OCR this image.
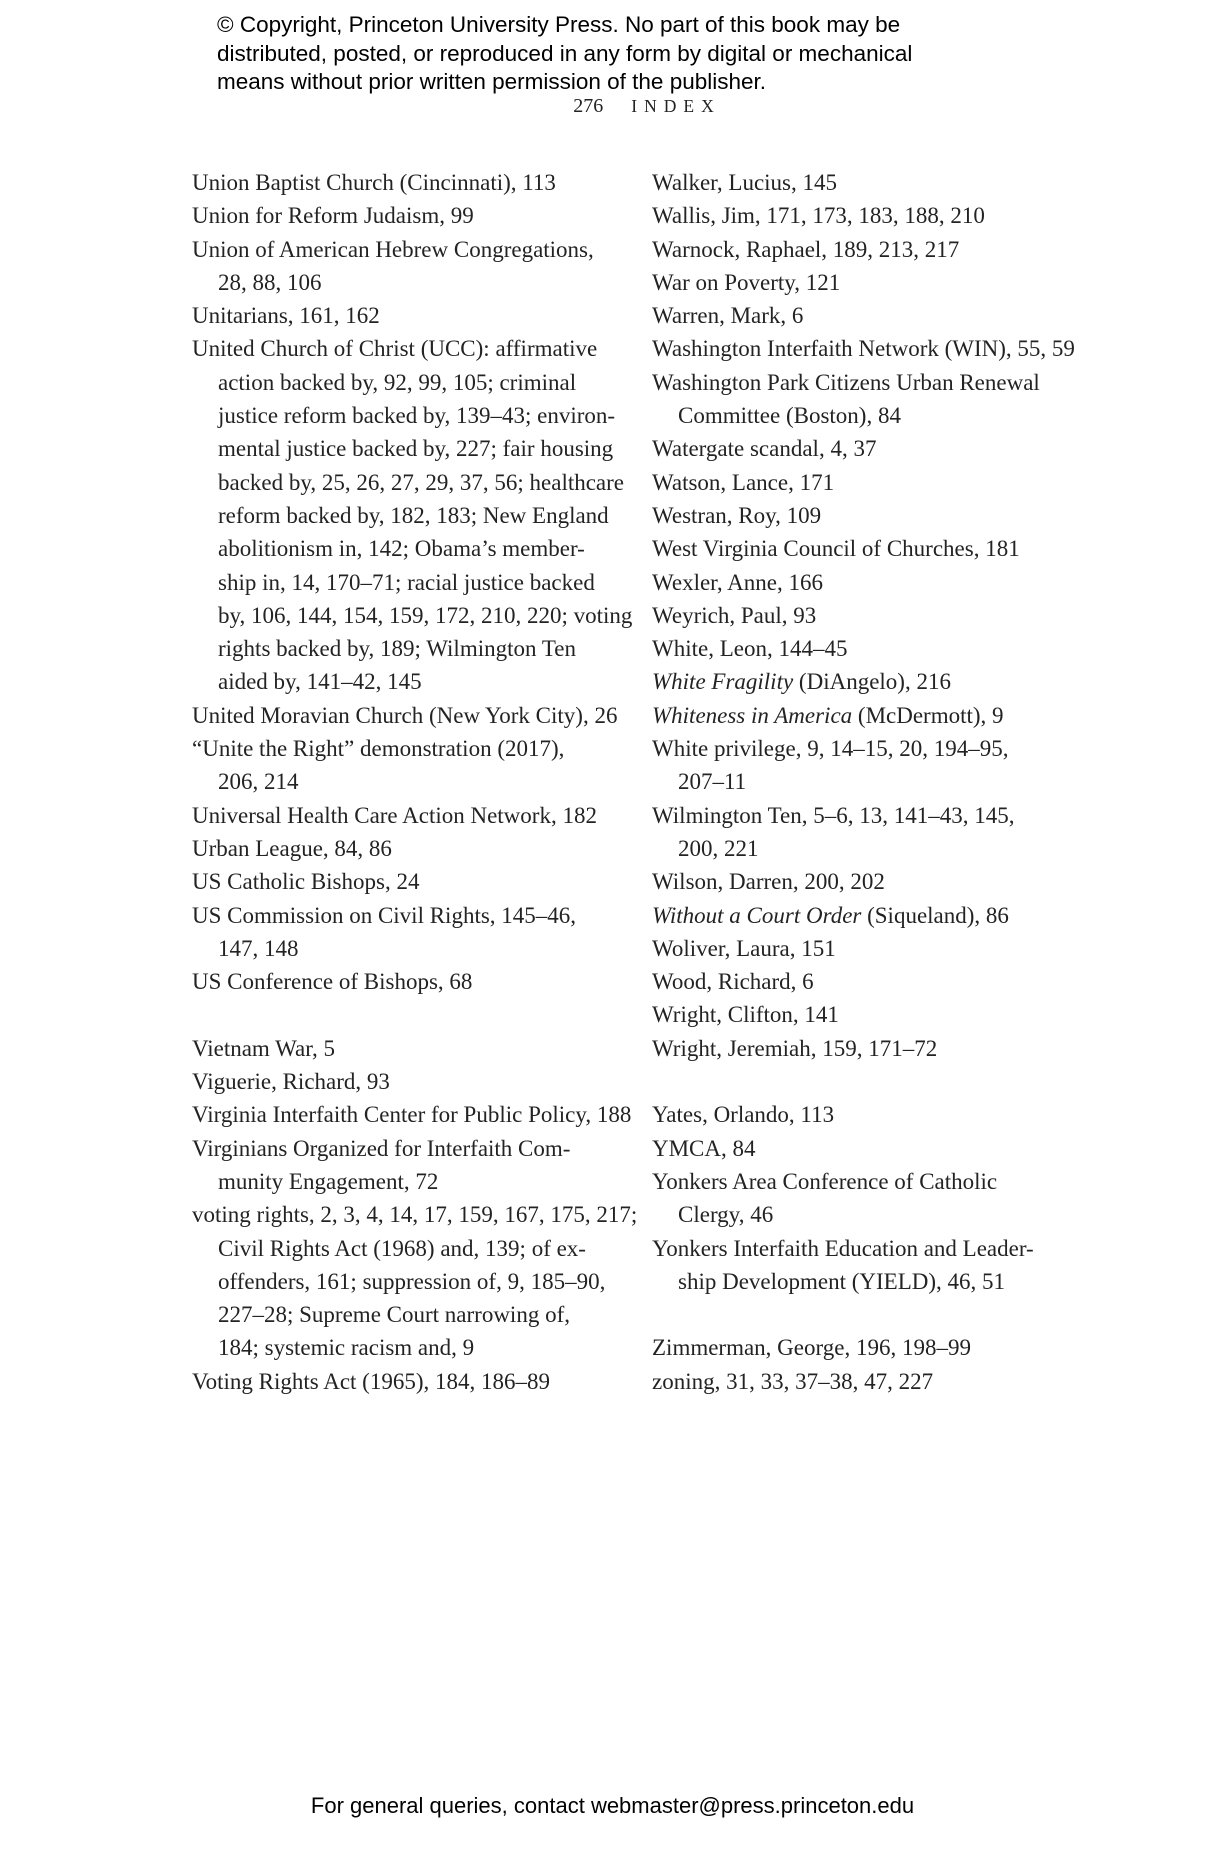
© Copyright, Princeton University Press. No part of this book may be
distributed, posted, or reproduced in any form by digital or mechanical
means without prior written permission of the publisher.
276 INDEX
Union Baptist Church (Cincinnati), 113
Union for Reform Judaism, 99
Union of American Hebrew Congregations,
28, 88, 106
Unitarians, 161, 162
United Church of Christ (UCC): affirmative
action backed by, 92, 99, 105; criminal
justice reform backed by, 139–43; environ-
mental justice backed by, 227; fair housing
backed by, 25, 26, 27, 29, 37, 56; healthcare
reform backed by, 182, 183; New England
abolitionism in, 142; Obama’s member-
ship in, 14, 170–71; racial justice backed
by, 106, 144, 154, 159, 172, 210, 220; voting
rights backed by, 189; Wilmington Ten
aided by, 141–42, 145
United Moravian Church (New York City), 26
“Unite the Right” demonstration (2017),
206, 214
Universal Health Care Action Network, 182
Urban League, 84, 86
US Catholic Bishops, 24
US Commission on Civil Rights, 145–46,
147, 148
US Conference of Bishops, 68
Vietnam War, 5
Viguerie, Richard, 93
Virginia Interfaith Center for Public Policy, 188
Virginians Organized for Interfaith Com-
munity Engagement, 72
voting rights, 2, 3, 4, 14, 17, 159, 167, 175, 217;
Civil Rights Act (1968) and, 139; of ex-
offenders, 161; suppression of, 9, 185–90,
227–28; Supreme Court narrowing of,
184; systemic racism and, 9
Voting Rights Act (1965), 184, 186–89
Walker, Lucius, 145
Wallis, Jim, 171, 173, 183, 188, 210
Warnock, Raphael, 189, 213, 217
War on Poverty, 121
Warren, Mark, 6
Washington Interfaith Network (WIN), 55, 59
Washington Park Citizens Urban Renewal
Committee (Boston), 84
Watergate scandal, 4, 37
Watson, Lance, 171
Westran, Roy, 109
West Virginia Council of Churches, 181
Wexler, Anne, 166
Weyrich, Paul, 93
White, Leon, 144–45
White Fragility (DiAngelo), 216
Whiteness in America (McDermott), 9
White privilege, 9, 14–15, 20, 194–95,
207–11
Wilmington Ten, 5–6, 13, 141–43, 145,
200, 221
Wilson, Darren, 200, 202
Without a Court Order (Siqueland), 86
Woliver, Laura, 151
Wood, Richard, 6
Wright, Clifton, 141
Wright, Jeremiah, 159, 171–72
Yates, Orlando, 113
YMCA, 84
Yonkers Area Conference of Catholic
Clergy, 46
Yonkers Interfaith Education and Leader-
ship Development (YIELD), 46, 51
Zimmerman, George, 196, 198–99
zoning, 31, 33, 37–38, 47, 227
For general queries, contact webmaster@press.princeton.edu
